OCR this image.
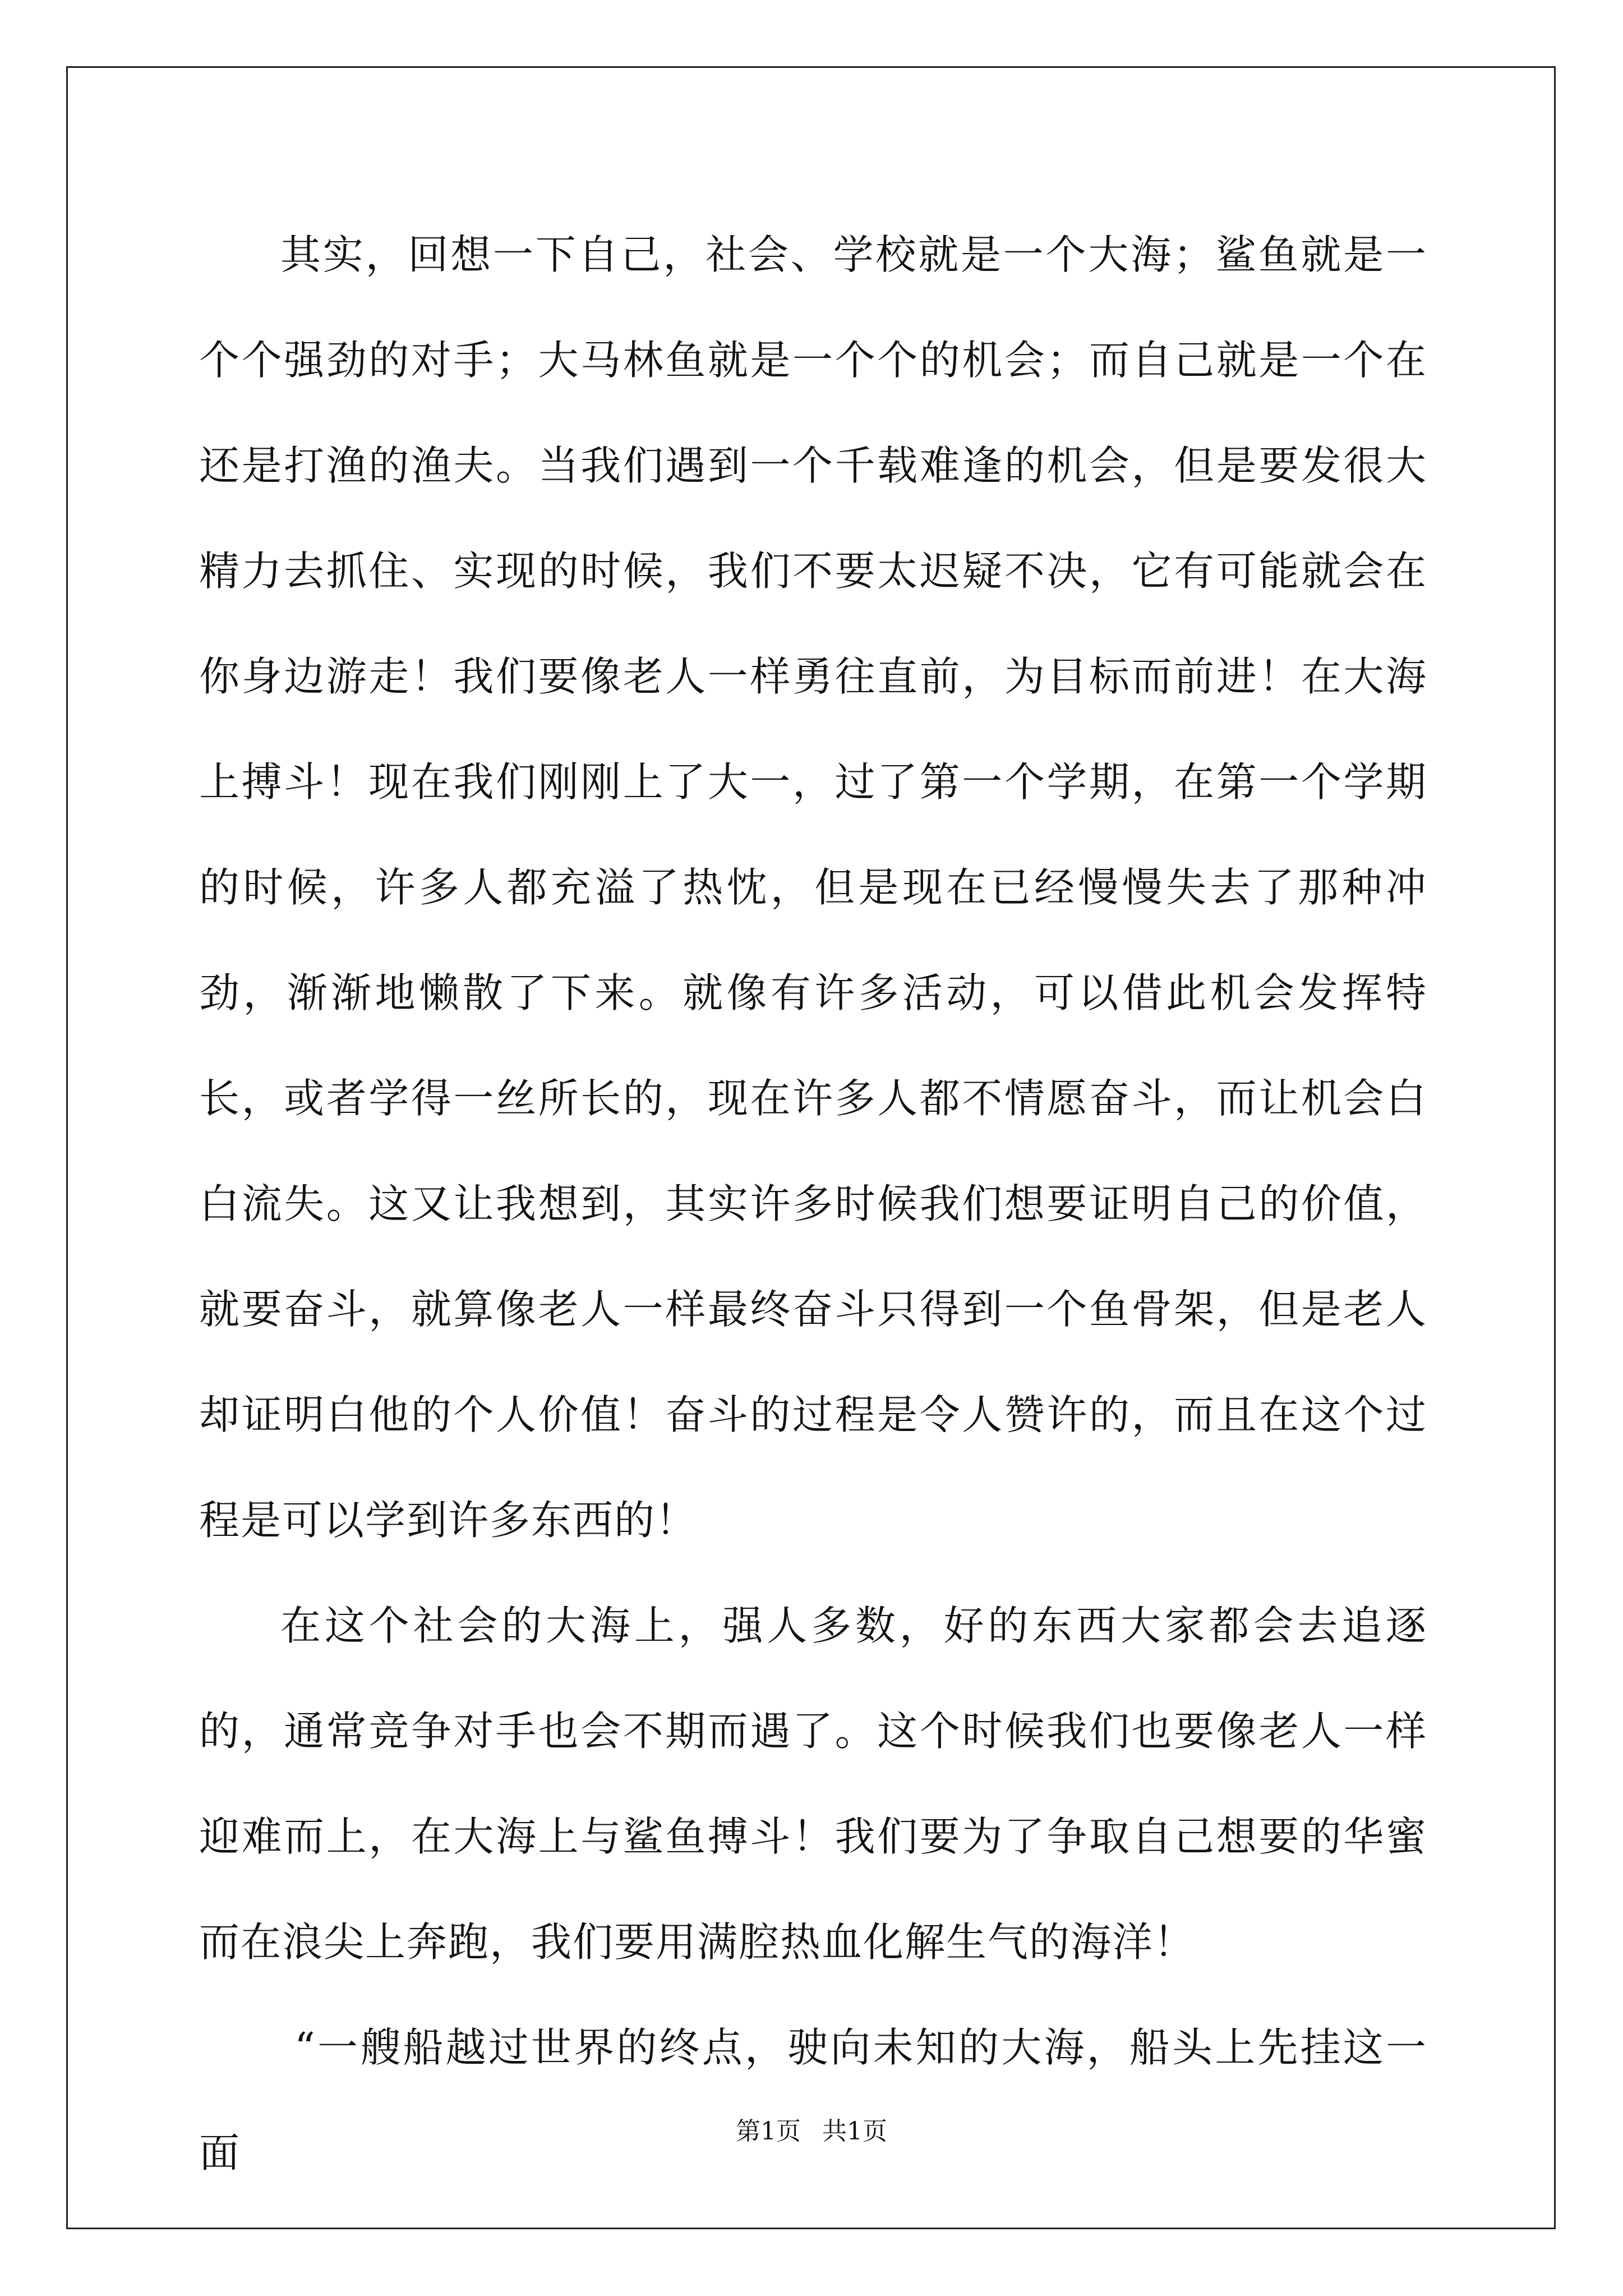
其实，回想一下自己，社会、学校就是一个大海；鲨鱼就是一个个强劲的对手；大马林鱼就是一个个的机会；而自己就是一个在还是打渔的渔夫。当我们遇到一个千载难逢的机会，但是要发很大精力去抓住、实现的时候，我们不要太迟疑不决，它有可能就会在你身边游走！我们要像老人一样勇往直前，为目标而前进！在大海上搏斗！现在我们刚刚上了大一，过了第一个学期，在第一个学期的时候，许多人都充溢了热忱，但是现在已经慢慢失去了那种冲劲，渐渐地懒散了下来。就像有许多活动，可以借此机会发挥特长，或者学得一丝所长的，现在许多人都不情愿奋斗，而让机会白白流失。这又让我想到，其实许多时候我们想要证明自己的价值，就要奋斗，就算像老人一样最终奋斗只得到一个鱼骨架，但是老人却证明白他的个人价值！奋斗的过程是令人赞许的，而且在这个过程是可以学到许多东西的！

在这个社会的大海上，强人多数，好的东西大家都会去追逐的，通常竞争对手也会不期而遇了。这个时候我们也要像老人一样迎难而上，在大海上与鲨鱼搏斗！我们要为了争取自己想要的华蜜而在浪尖上奔跑，我们要用满腔热血化解生气的海洋！

“一艘船越过世界的终点，驶向未知的大海，船头上先挂这一面	第1页 共1页
